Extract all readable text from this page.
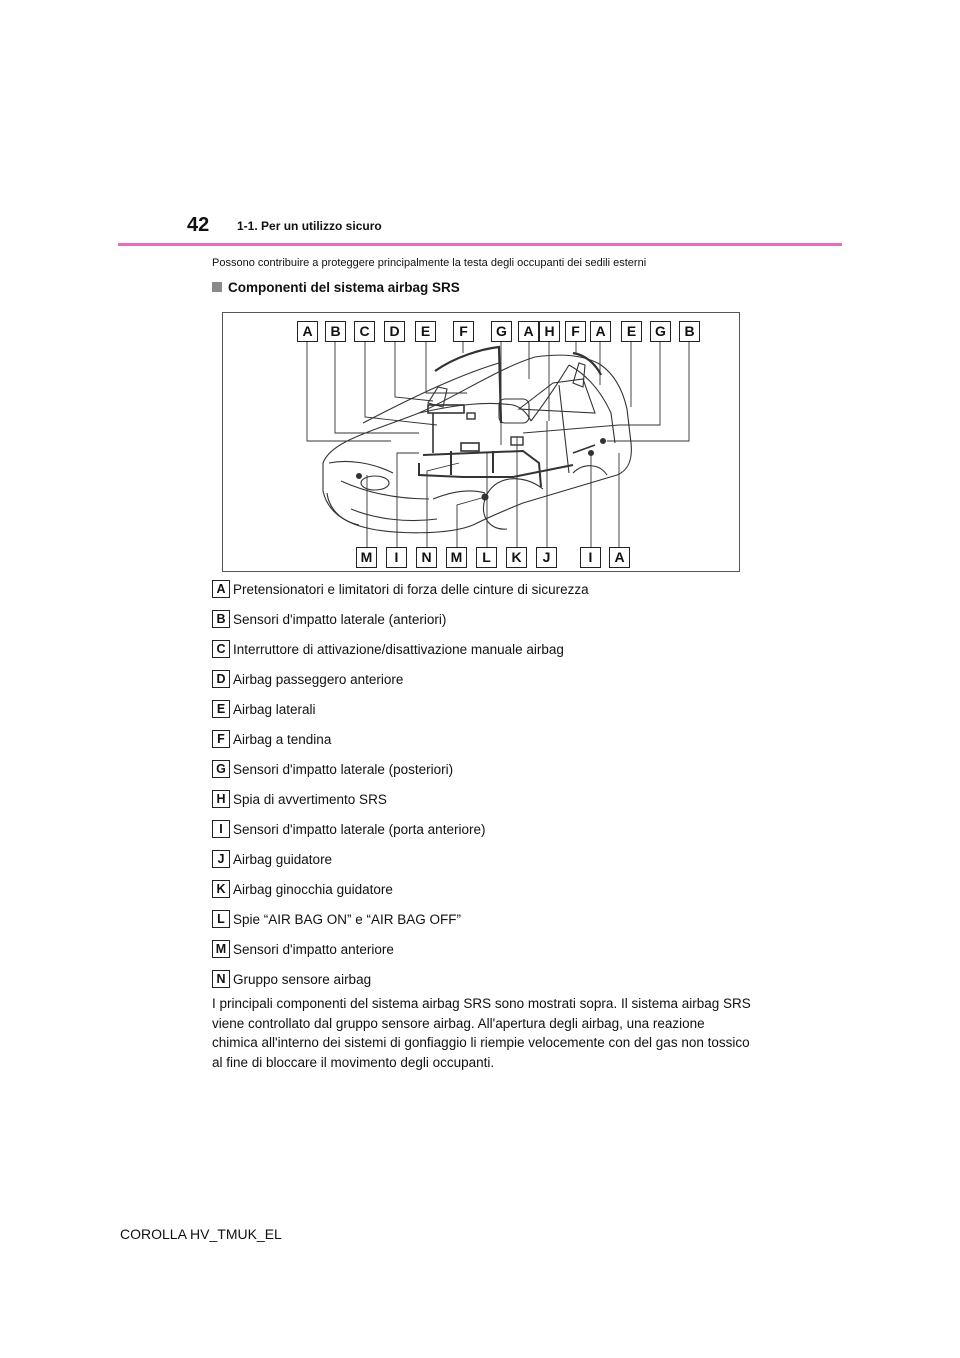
42 1-1. Per un utilizzo sicuro
Possono contribuire a proteggere principalmente la testa degli occupanti dei sedili esterni
Componenti del sistema airbag SRS
A	B	C	D	E	F	G	A H	F	A	E	G	B
M	I	N	M	L	K	J	I	A
A Pretensionatori e limitatori di forza delle cinture di sicurezza
B Sensori d'impatto laterale (anteriori)
C Interruttore di attivazione/disattivazione manuale airbag
D Airbag passeggero anteriore
E Airbag laterali
F Airbag a tendina
G Sensori d'impatto laterale (posteriori)
H Spia di avvertimento SRS
I Sensori d'impatto laterale (porta anteriore)
J Airbag guidatore
K Airbag ginocchia guidatore
L Spie “AIR BAG ON” e “AIR BAG OFF”
M Sensori d'impatto anteriore
N Gruppo sensore airbag

I principali componenti del sistema airbag SRS sono mostrati sopra. Il sistema airbag SRS viene controllato dal gruppo sensore airbag. All'apertura degli airbag, una reazione chimica all'interno dei sistemi di gonfiaggio li riempie velocemente con del gas non tossico al fine di bloccare il movimento degli occupanti.

COROLLA HV_TMUK_EL
